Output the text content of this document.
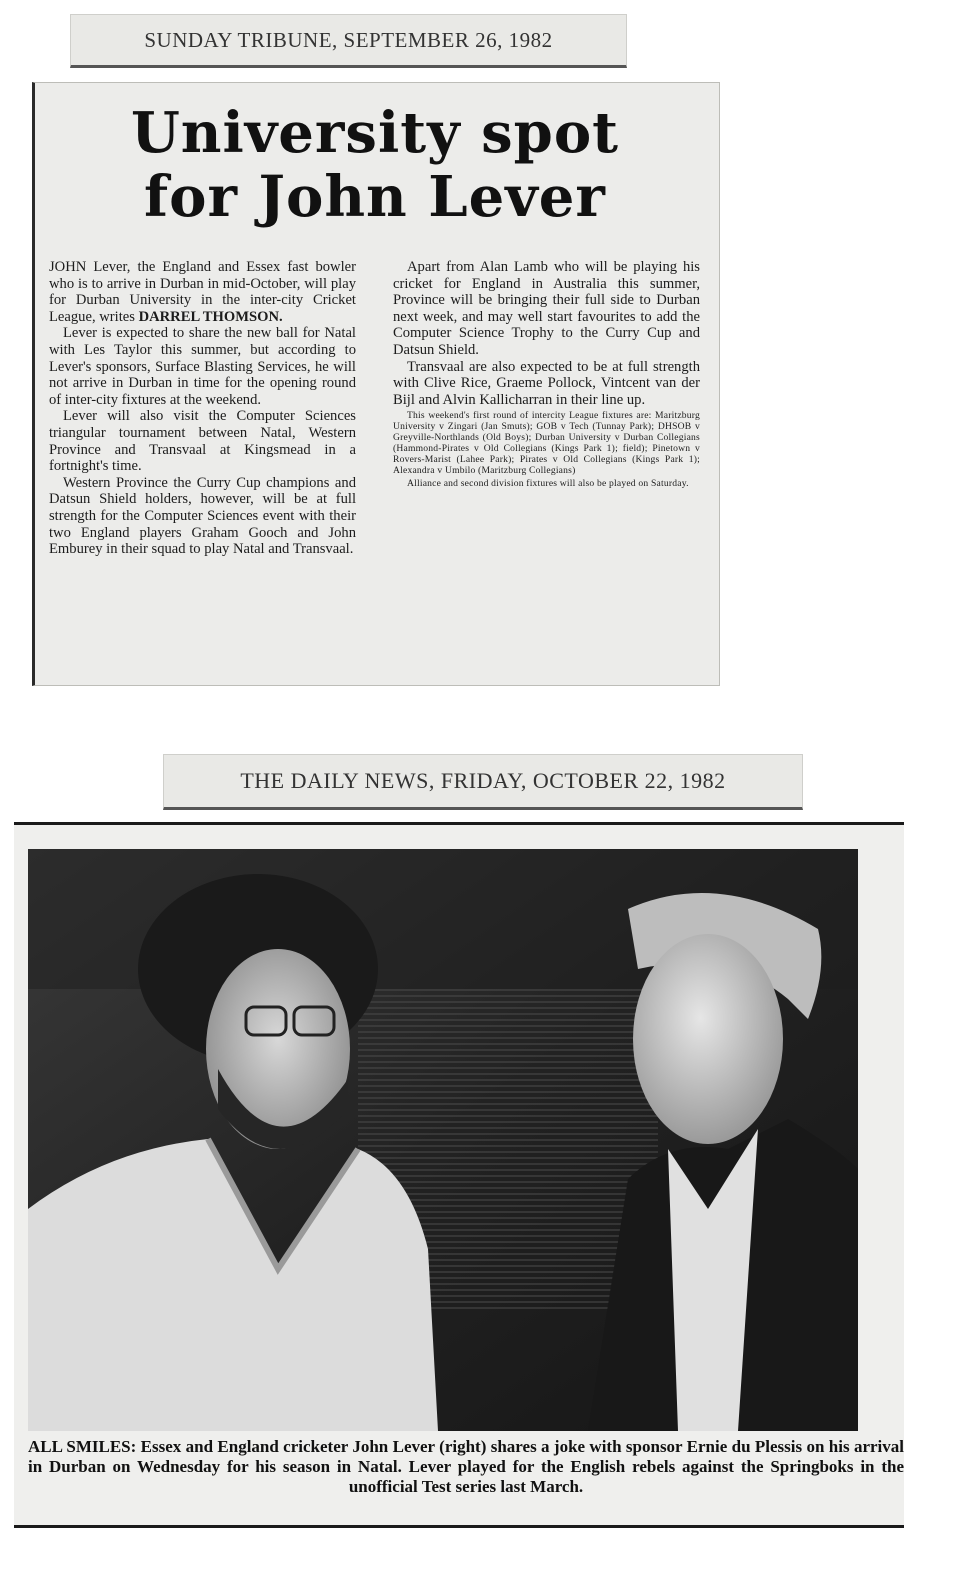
SUNDAY TRIBUNE, SEPTEMBER 26, 1982
University spot
for John Lever

JOHN Lever, the England and Essex fast bowler who is to arrive in Durban in mid-October, will play for Durban University in the inter-city Cricket League, writes DARREL THOMSON.

Lever is expected to share the new ball for Natal with Les Taylor this summer, but according to Lever's sponsors, Surface Blasting Services, he will not arrive in Durban in time for the opening round of inter-city fixtures at the weekend.

Lever will also visit the Computer Sciences triangular tournament between Natal, Western Province and Transvaal at Kingsmead in a fortnight's time.

Western Province the Curry Cup champions and Datsun Shield holders, however, will be at full strength for the Computer Sciences event with their two England players Graham Gooch and John Emburey in their squad to play Natal and Transvaal.

Apart from Alan Lamb who will be playing his cricket for England in Australia this summer, Province will be bringing their full side to Durban next week, and may well start favourites to add the Computer Science Trophy to the Curry Cup and Datsun Shield.

Transvaal are also expected to be at full strength with Clive Rice, Graeme Pollock, Vintcent van der Bijl and Alvin Kallicharran in their line up.

This weekend's first round of intercity League fixtures are: Maritzburg University v Zingari (Jan Smuts); GOB v Tech (Tunnay Park); DHSOB v Greyville-Northlands (Old Boys); Durban University v Durban Collegians (Hammond-Pirates v Old Collegians (Kings Park 1); field); Pinetown v Rovers-Marist (Lahee Park); Pirates v Old Collegians (Kings Park 1); Alexandra v Umbilo (Maritzburg Collegians)

Alliance and second division fixtures will also be played on Saturday.

THE DAILY NEWS, FRIDAY, OCTOBER 22, 1982

ALL SMILES: Essex and England cricketer John Lever (right) shares a joke with sponsor Ernie du Plessis on his arrival in Durban on Wednesday for his season in Natal. Lever played for the English rebels against the Springboks in the unofficial Test series last March.
